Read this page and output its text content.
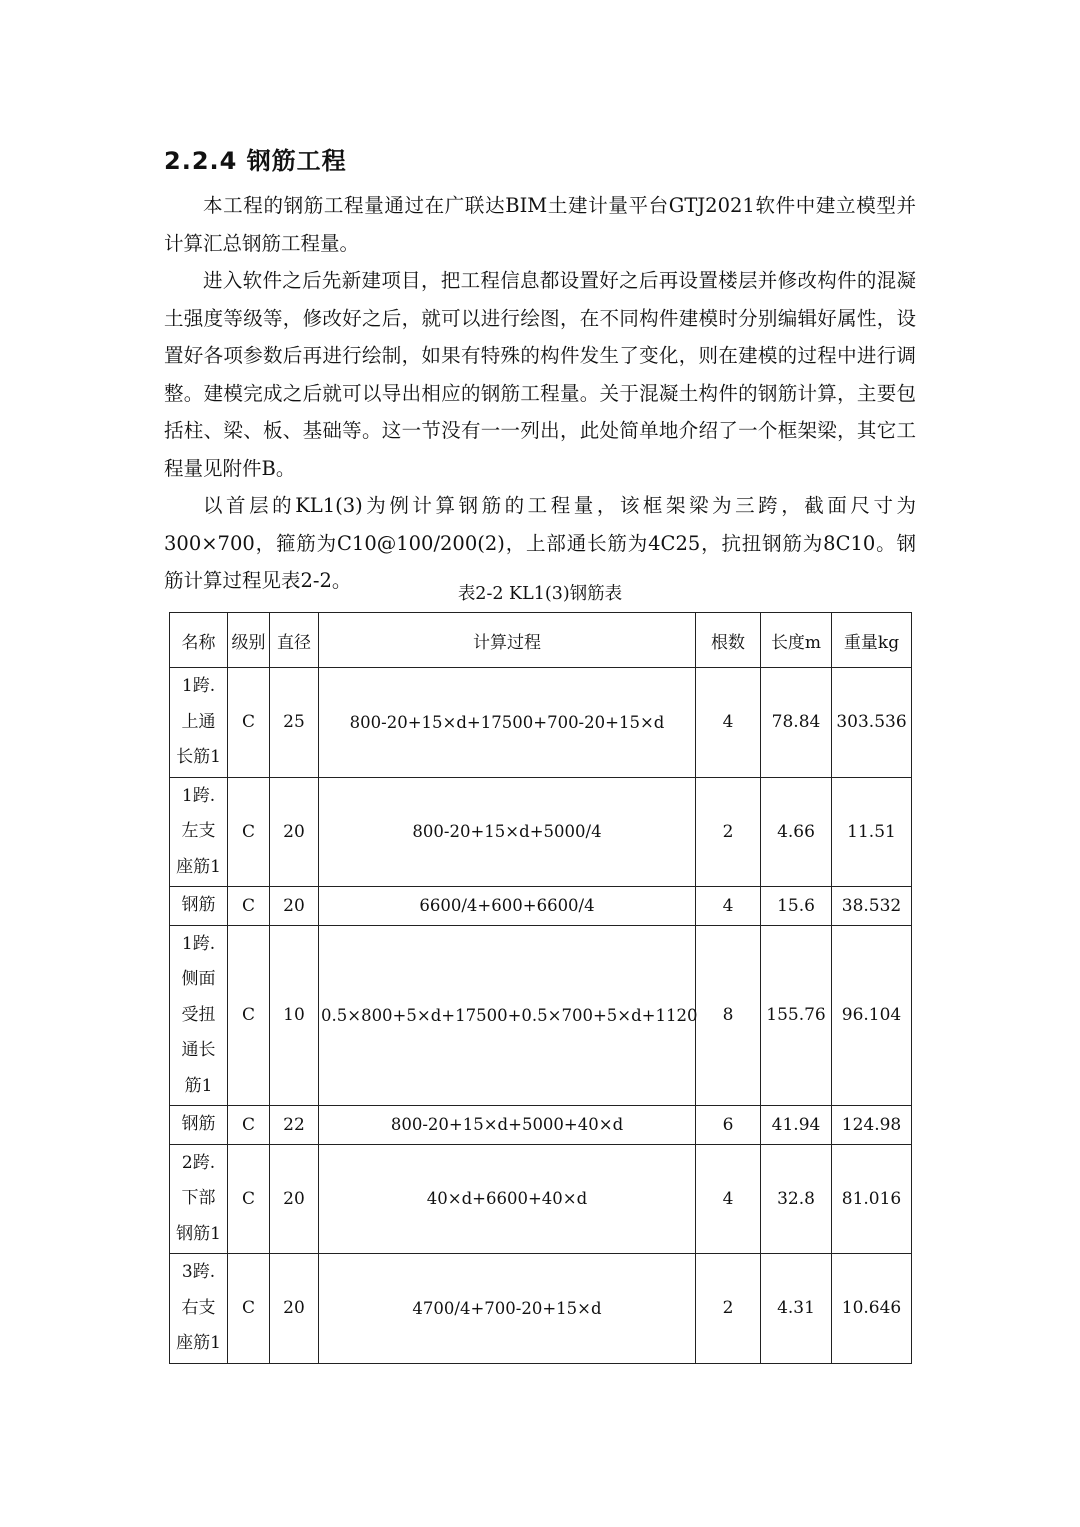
2.2.4 钢筋工程

本工程的钢筋工程量通过在广联达BIM土建计量平台GTJ2021软件中建立模型并计算汇总钢筋工程量。

进入软件之后先新建项目，把工程信息都设置好之后再设置楼层并修改构件的混凝土强度等级等，修改好之后，就可以进行绘图，在不同构件建模时分别编辑好属性，设置好各项参数后再进行绘制，如果有特殊的构件发生了变化，则在建模的过程中进行调整。建模完成之后就可以导出相应的钢筋工程量。关于混凝土构件的钢筋计算，主要包括柱、梁、板、基础等。这一节没有一一列出，此处简单地介绍了一个框架梁，其它工程量见附件B。

以首层的KL1(3)为例计算钢筋的工程量，该框架梁为三跨，截面尺寸为300×700，箍筋为C10@100/200(2)，上部通长筋为4C25，抗扭钢筋为8C10。钢筋计算过程见表2-2。

表2-2 KL1(3)钢筋表
名称	级别	直径	计算过程	根数	长度m	重量kg

1跨.
上通
长筋1	C	25	800-20+15×d+17500+700-20+15×d	4	78.84	303.536

1跨.
左支
座筋1	C	20	800-20+15×d+5000/4	2	4.66	11.51

钢筋	C	20	6600/4+600+6600/4	4	15.6	38.532

1跨.
侧面
受扭
通长
筋1	C	10	0.5×800+5×d+17500+0.5×700+5×d+1120	8	155.76	96.104

钢筋	C	22	800-20+15×d+5000+40×d	6	41.94	124.98

2跨.
下部
钢筋1	C	20	40×d+6600+40×d	4	32.8	81.016

3跨.
右支
座筋1	C	20	4700/4+700-20+15×d	2	4.31	10.646
